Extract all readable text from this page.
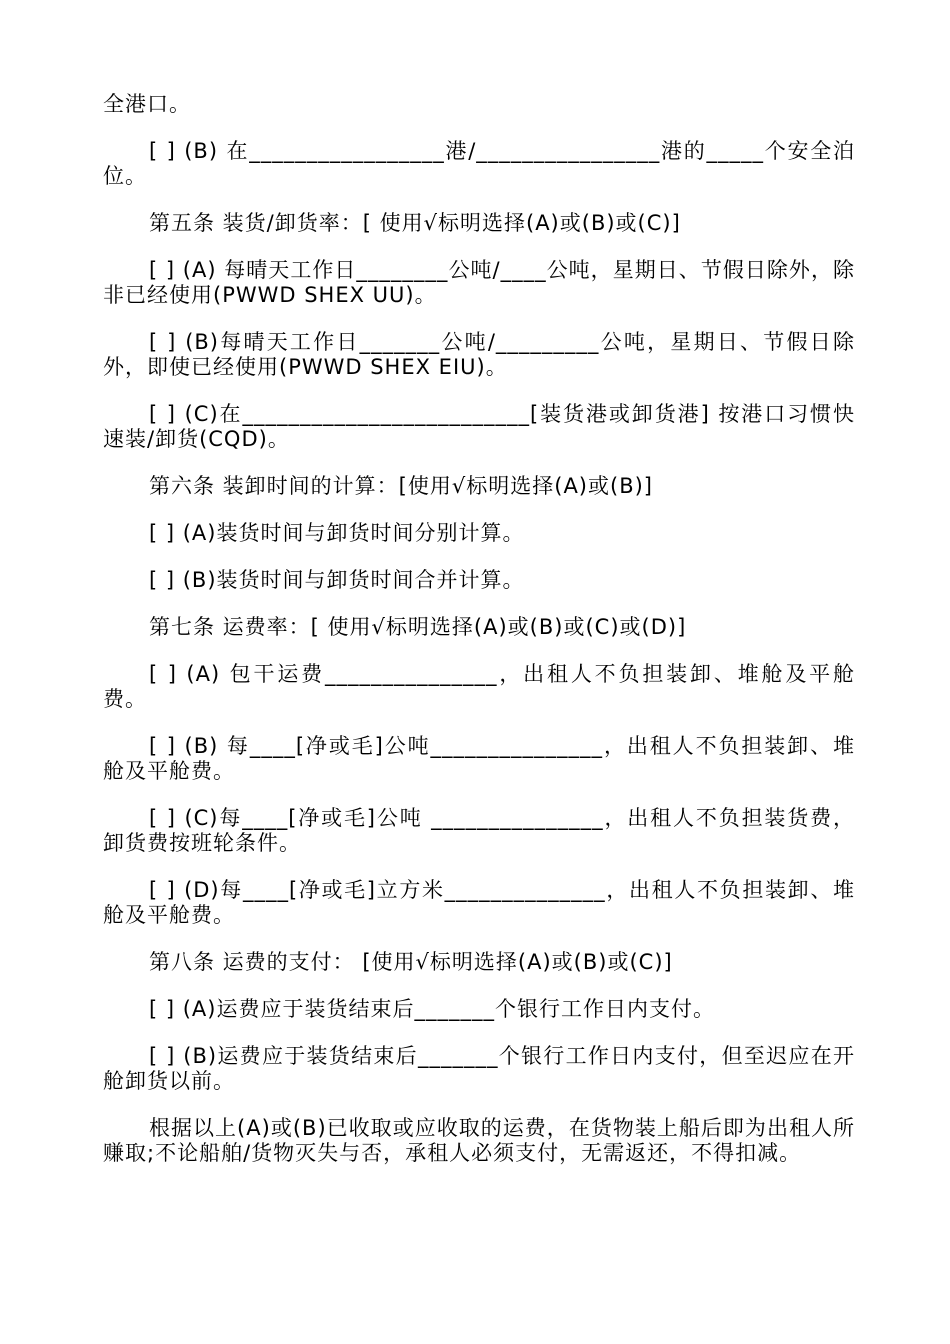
全港口。

[ ] (B) 在_________________港/________________港的_____个安全泊位。

第五条 装货/卸货率：[ 使用√标明选择(A)或(B)或(C)]

[ ] (A) 每晴天工作日________公吨/____公吨，星期日、节假日除外，除非已经使用(PWWD SHEX UU)。

[ ] (B)每晴天工作日_______公吨/_________公吨，星期日、节假日除外，即使已经使用(PWWD SHEX EIU)。

[ ] (C)在_________________________[装货港或卸货港] 按港口习惯快速装/卸货(CQD)。

第六条 装卸时间的计算：[使用√标明选择(A)或(B)]

[ ] (A)装货时间与卸货时间分别计算。

[ ] (B)装货时间与卸货时间合并计算。

第七条 运费率：[ 使用√标明选择(A)或(B)或(C)或(D)]

[ ] (A) 包干运费_______________，出租人不负担装卸、堆舱及平舱费。

[ ] (B) 每____[净或毛]公吨_______________，出租人不负担装卸、堆舱及平舱费。

[ ] (C)每____[净或毛]公吨 _______________，出租人不负担装货费，卸货费按班轮条件。

[ ] (D)每____[净或毛]立方米______________，出租人不负担装卸、堆舱及平舱费。

第八条 运费的支付： [使用√标明选择(A)或(B)或(C)]

[ ] (A)运费应于装货结束后_______个银行工作日内支付。

[ ] (B)运费应于装货结束后_______个银行工作日内支付，但至迟应在开舱卸货以前。

根据以上(A)或(B)已收取或应收取的运费，在货物装上船后即为出租人所赚取;不论船舶/货物灭失与否，承租人必须支付，无需返还，不得扣减。
